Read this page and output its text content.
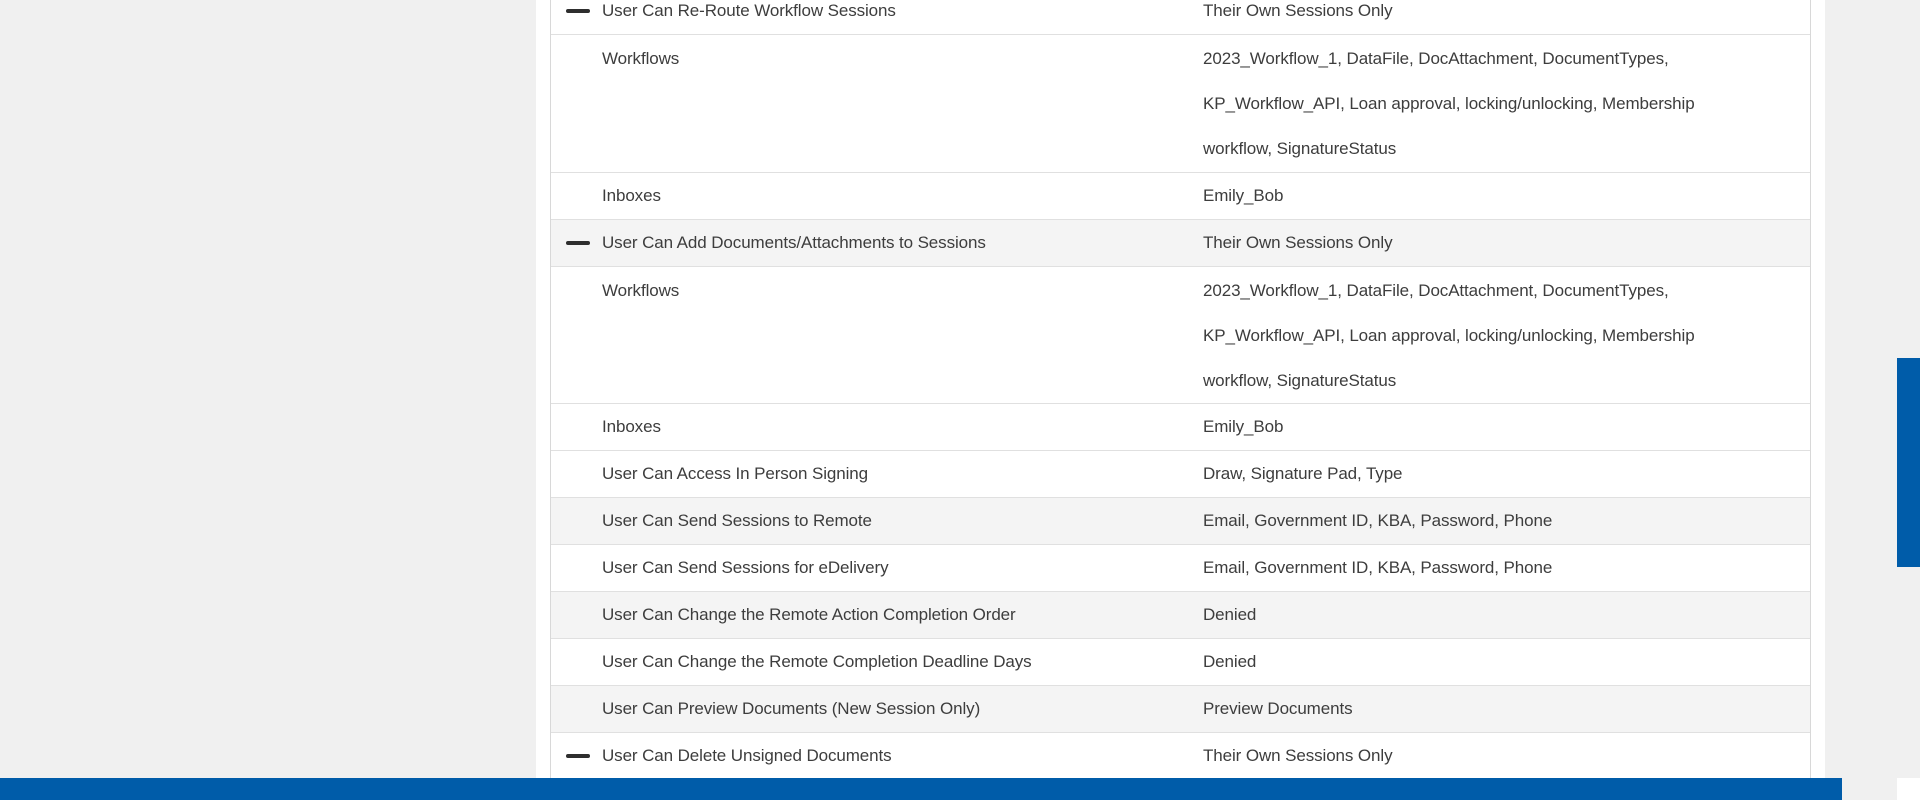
User Can Re-Route Workflow Sessions	Their Own Sessions Only
Workflows	2023_Workflow_1, DataFile, DocAttachment, DocumentTypes,
KP_Workflow_API, Loan approval, locking/unlocking, Membership
workflow, SignatureStatus
Inboxes	Emily_Bob
User Can Add Documents/Attachments to Sessions	Their Own Sessions Only
Workflows	2023_Workflow_1, DataFile, DocAttachment, DocumentTypes,
KP_Workflow_API, Loan approval, locking/unlocking, Membership
workflow, SignatureStatus
Inboxes	Emily_Bob
User Can Access In Person Signing	Draw, Signature Pad, Type
User Can Send Sessions to Remote	Email, Government ID, KBA, Password, Phone
User Can Send Sessions for eDelivery	Email, Government ID, KBA, Password, Phone
User Can Change the Remote Action Completion Order	Denied
User Can Change the Remote Completion Deadline Days	Denied
User Can Preview Documents (New Session Only)	Preview Documents
User Can Delete Unsigned Documents	Their Own Sessions Only
